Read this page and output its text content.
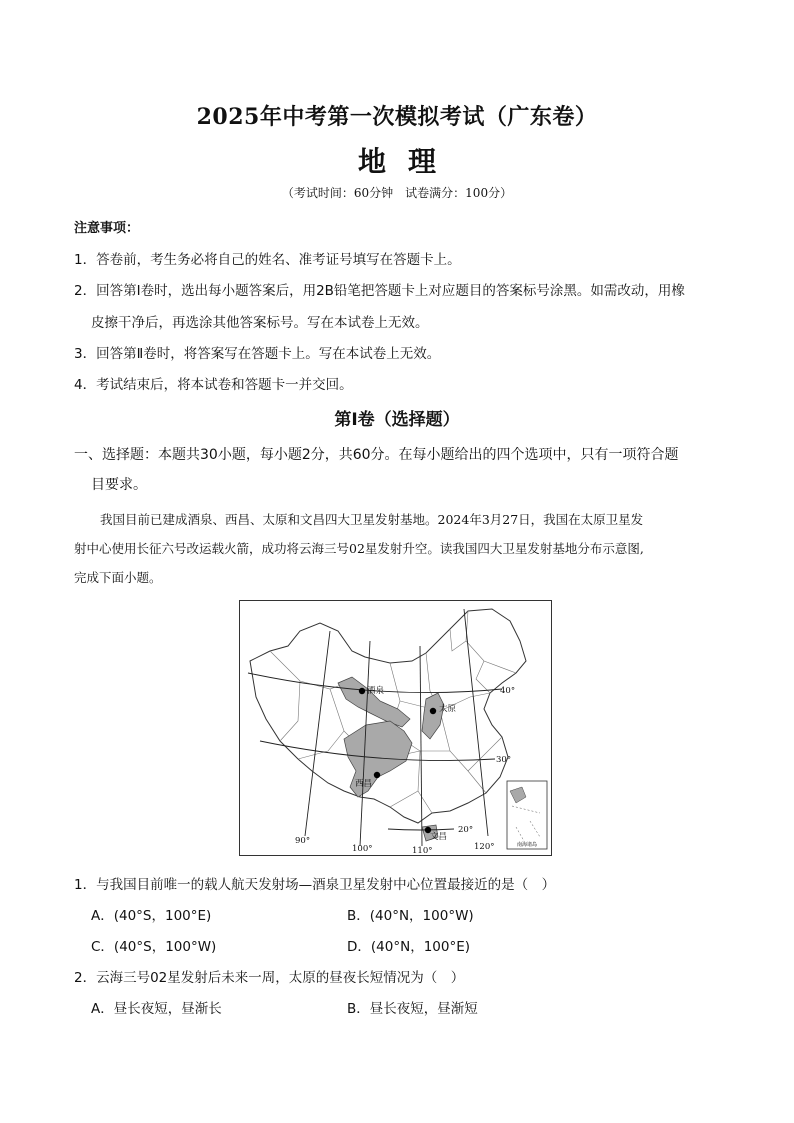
2025年中考第一次模拟考试（广东卷）
地理
（考试时间：60分钟　试卷满分：100分）
注意事项：
1．答卷前，考生务必将自己的姓名、准考证号填写在答题卡上。
2．回答第Ⅰ卷时，选出每小题答案后，用2B铅笔把答题卡上对应题目的答案标号涂黑。如需改动，用橡
皮擦干净后，再选涂其他答案标号。写在本试卷上无效。
3．回答第Ⅱ卷时，将答案写在答题卡上。写在本试卷上无效。
4．考试结束后，将本试卷和答题卡一并交回。
第Ⅰ卷（选择题）
一、选择题：本题共30小题，每小题2分，共60分。在每小题给出的四个选项中，只有一项符合题
目要求。
我国目前已建成酒泉、西昌、太原和文昌四大卫星发射基地。2024年3月27日，我国在太原卫星发
射中心使用长征六号改运载火箭，成功将云海三号02星发射升空。读我国四大卫星发射基地分布示意图,
完成下面小题。
酒泉
太原
西昌
文昌
40°
30°
20°
90°
100°	110°	120°	南海诸岛
1．与我国目前唯一的载人航天发射场—酒泉卫星发射中心位置最接近的是（　）
A．(40°S，100°E)	B．(40°N，100°W)
C．(40°S，100°W)	D．(40°N，100°E)
2．云海三号02星发射后未来一周，太原的昼夜长短情况为（　）
A．昼长夜短，昼渐长	B．昼长夜短，昼渐短
